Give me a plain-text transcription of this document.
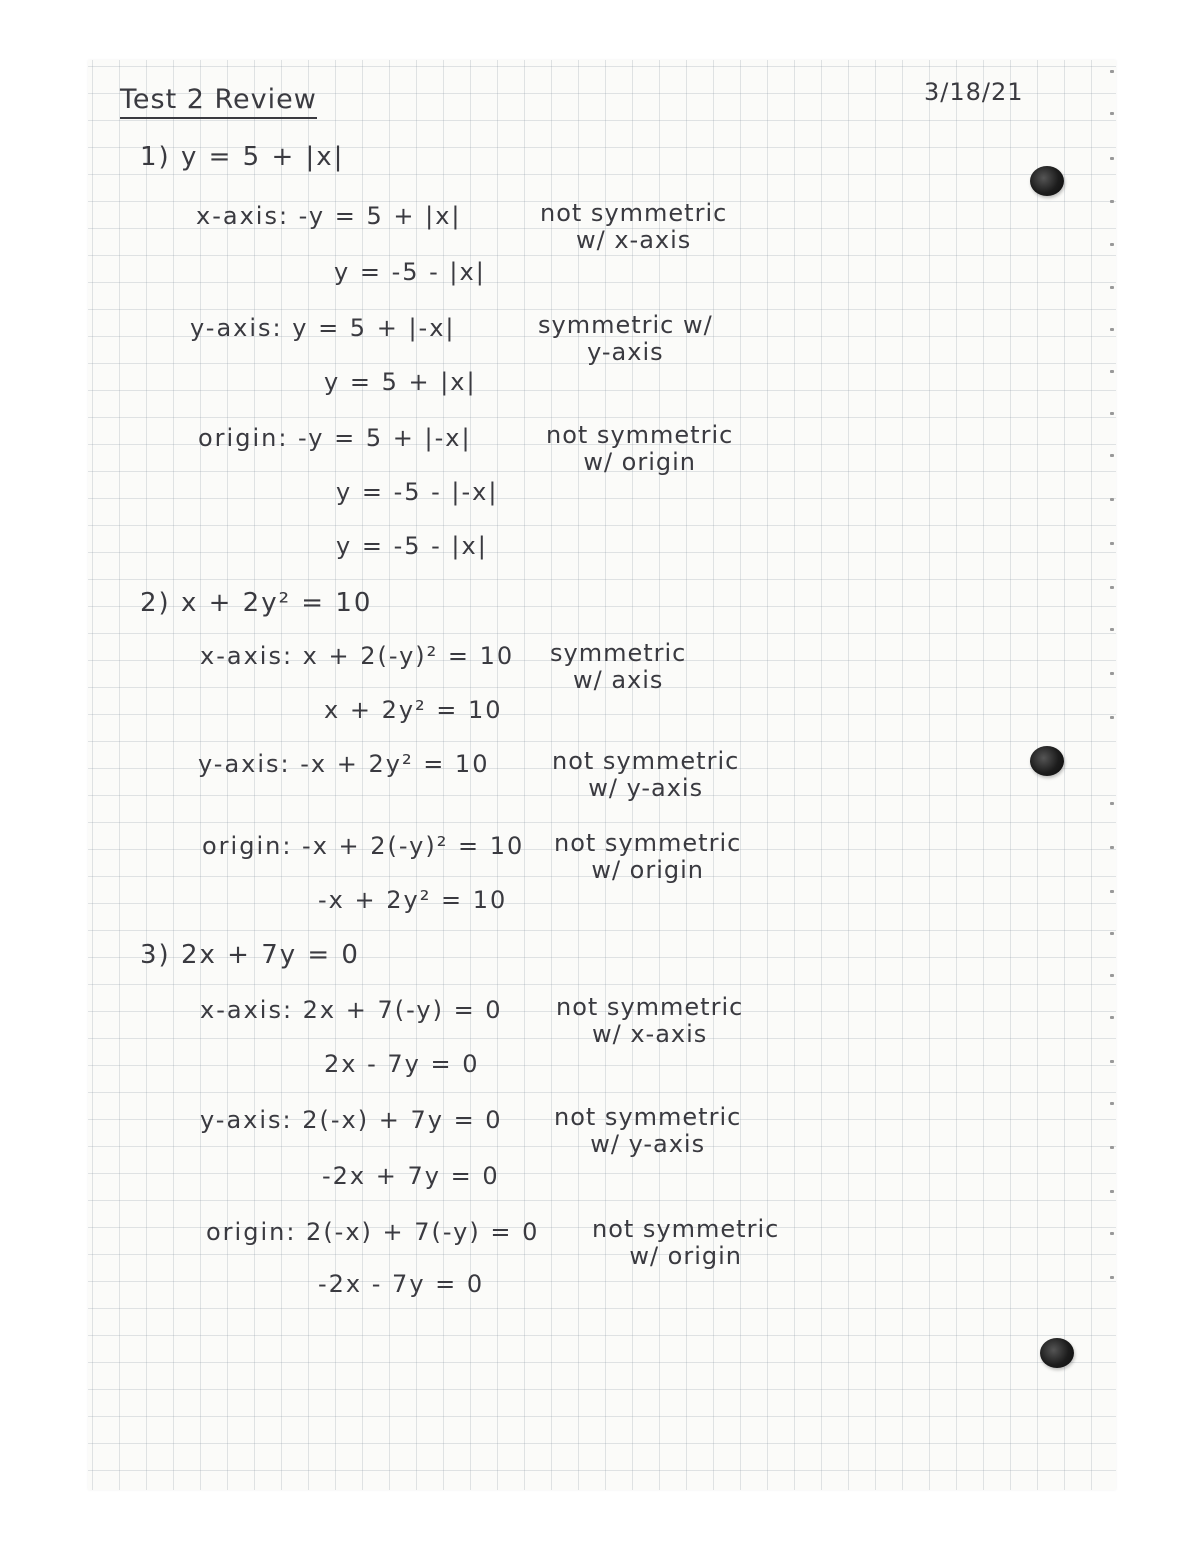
Test 2 Review	3/18/21
1) y = 5 + |x|
x-axis: -y = 5 + |x|	not symmetric
w/ x-axis
y = -5 - |x|
y-axis: y = 5 + |-x|	symmetric w/
y-axis
y = 5 + |x|
origin: -y = 5 + |-x|	not symmetric
w/ origin
y = -5 - |-x|
y = -5 - |x|
2) x + 2y² = 10
x-axis: x + 2(-y)² = 10 symmetric
w/ axis
x + 2y² = 10
y-axis: -x + 2y² = 10	not symmetric
w/ y-axis
origin: -x + 2(-y)² = 10 not symmetric
w/ origin
-x + 2y² = 10
3) 2x + 7y = 0
x-axis: 2x + 7(-y) = 0 not symmetric
w/ x-axis
2x - 7y = 0
y-axis: 2(-x) + 7y = 0 not symmetric
w/ y-axis
-2x + 7y = 0
origin: 2(-x) + 7(-y) = 0 not symmetric
w/ origin
-2x - 7y = 0
